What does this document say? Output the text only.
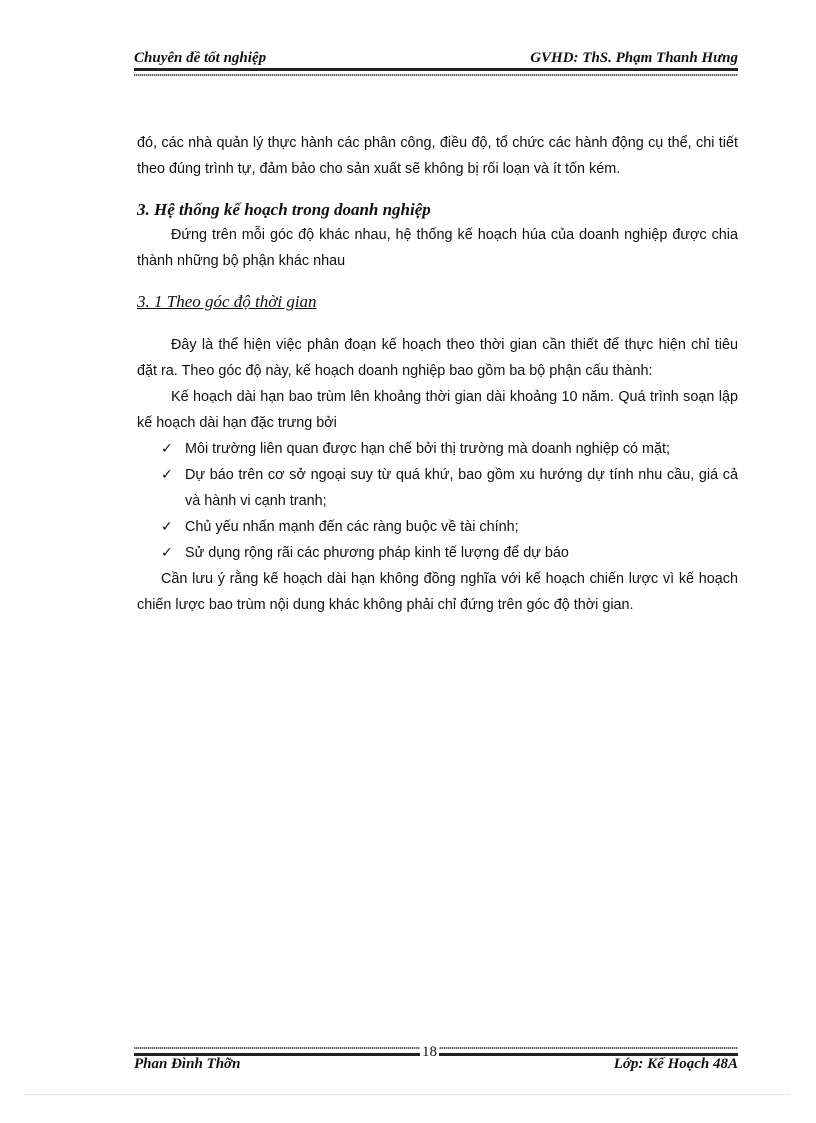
Chuyên đề tốt nghiệp	GVHD: ThS. Phạm Thanh Hưng

đó, các nhà quản lý thực hành các phân công, điều độ, tổ chức các hành động cụ thể, chi tiết theo đúng trình tự, đảm bảo cho sản xuất sẽ không bị rối loạn và ít tốn kém.

3. Hệ thống kế hoạch trong doanh nghiệp

Đứng trên mỗi góc độ khác nhau, hệ thống kế hoạch húa của doanh nghiệp được chia thành những bộ phận khác nhau

3. 1 Theo góc độ thời gian

Đây là thể hiện việc phân đoạn kế hoạch theo thời gian cần thiết để thực hiện chỉ tiêu đặt ra. Theo góc độ này, kế hoạch doanh nghiệp bao gồm ba bộ phận cấu thành:

Kế hoạch dài hạn bao trùm lên khoảng thời gian dài khoảng 10 năm. Quá trình soạn lập kế hoạch dài hạn đặc trưng bởi

✓ Môi trường liên quan được hạn chế bởi thị trường mà doanh nghiệp có mặt;
✓ Dự báo trên cơ sở ngoại suy từ quá khứ, bao gồm xu hướng dự tính nhu cầu, giá cả và hành vi cạnh tranh;
✓ Chủ yếu nhấn mạnh đến các ràng buộc về tài chính;
✓ Sử dụng rộng rãi các phương pháp kinh tế lượng để dự báo

Cần lưu ý rằng kế hoạch dài hạn không đồng nghĩa với kế hoạch chiến lược vì kế hoạch chiến lược bao trùm nội dung khác không phải chỉ đứng trên góc độ thời gian.

18
Phan Đình Thỡn	Lớp: Kế Hoạch 48A
